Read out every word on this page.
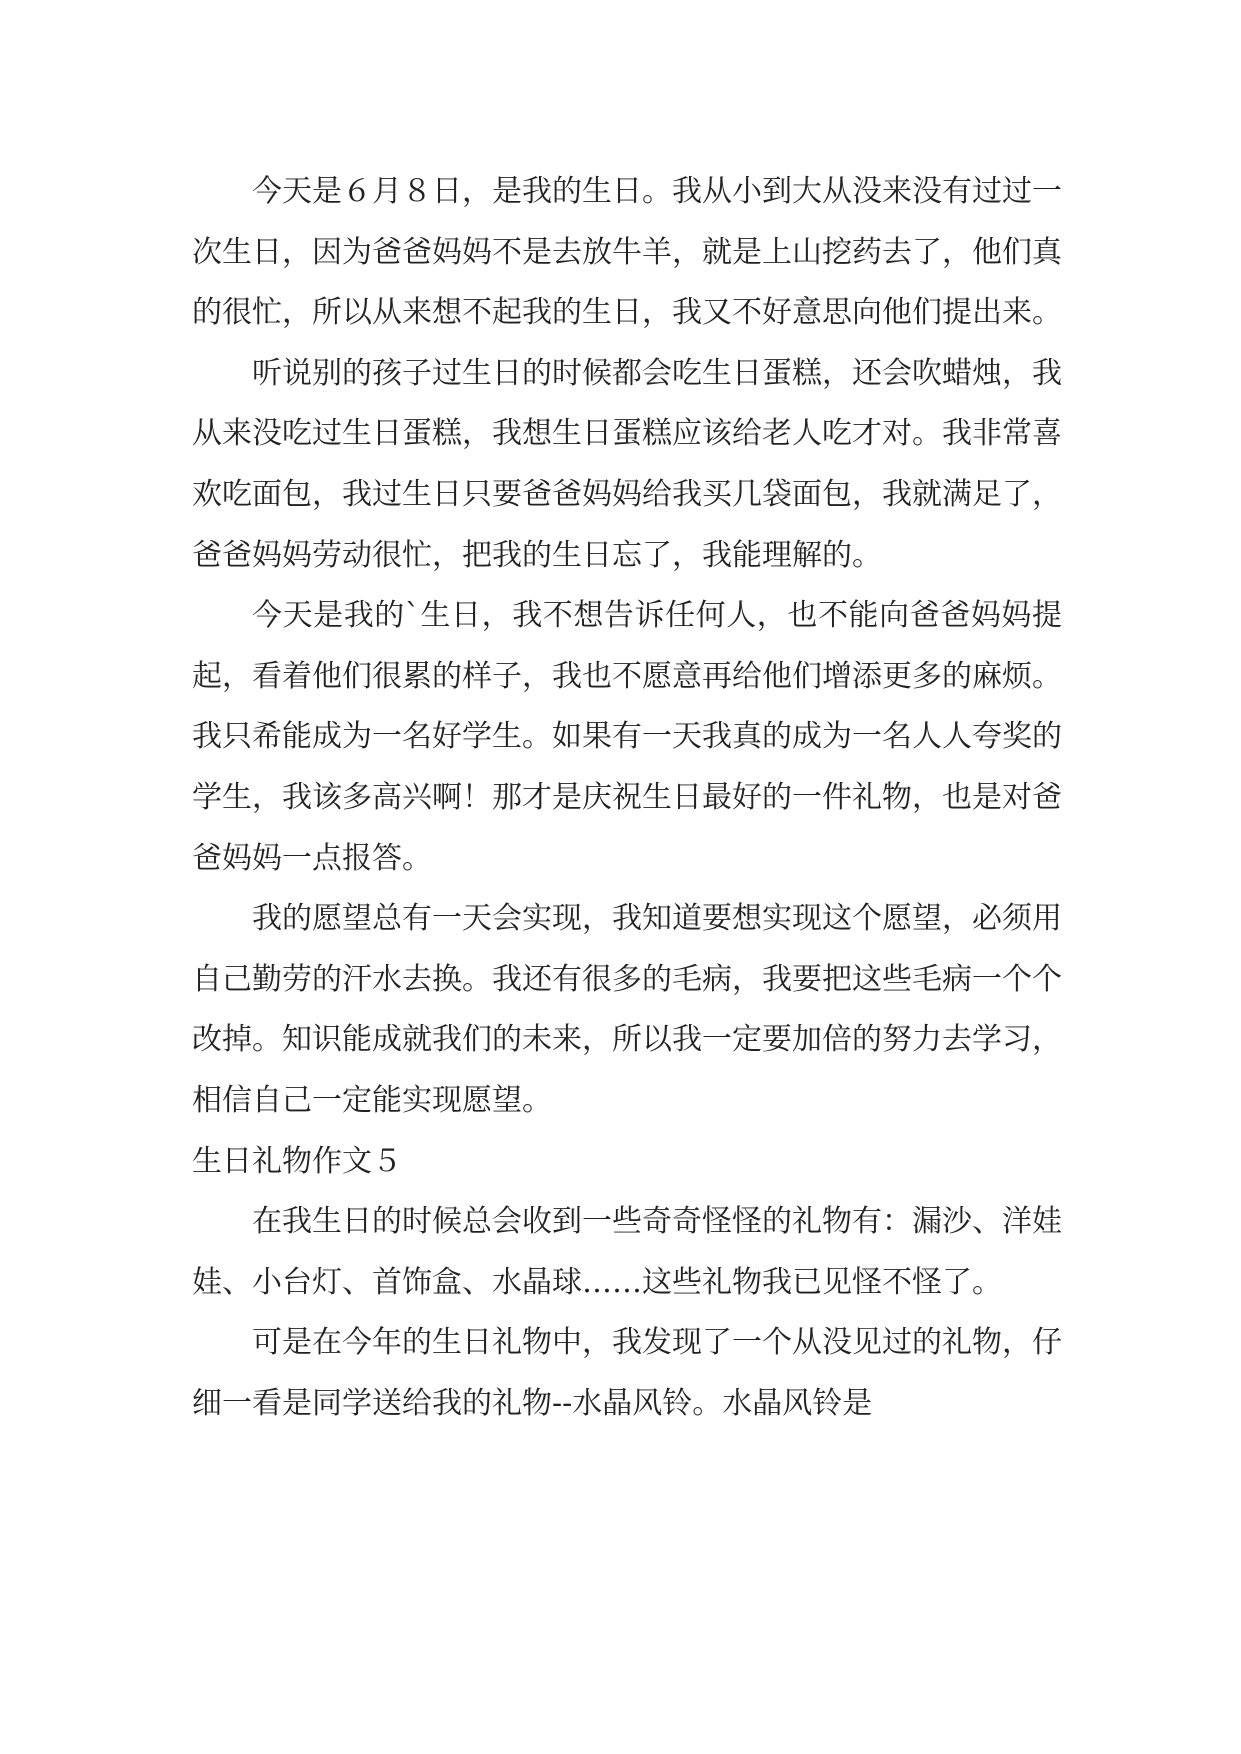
今天是６月８日，是我的生日。我从小到大从没来没有过过一次生日，因为爸爸妈妈不是去放牛羊，就是上山挖药去了，他们真的很忙，所以从来想不起我的生日，我又不好意思向他们提出来。

听说别的孩子过生日的时候都会吃生日蛋糕，还会吹蜡烛，我从来没吃过生日蛋糕，我想生日蛋糕应该给老人吃才对。我非常喜欢吃面包，我过生日只要爸爸妈妈给我买几袋面包，我就满足了，爸爸妈妈劳动很忙，把我的生日忘了，我能理解的。

今天是我的`生日，我不想告诉任何人，也不能向爸爸妈妈提起，看着他们很累的样子，我也不愿意再给他们增添更多的麻烦。我只希能成为一名好学生。如果有一天我真的成为一名人人夸奖的学生，我该多高兴啊！那才是庆祝生日最好的一件礼物，也是对爸爸妈妈一点报答。

我的愿望总有一天会实现，我知道要想实现这个愿望，必须用自己勤劳的汗水去换。我还有很多的毛病，我要把这些毛病一个个改掉。知识能成就我们的未来，所以我一定要加倍的努力去学习，相信自己一定能实现愿望。

生日礼物作文５

在我生日的时候总会收到一些奇奇怪怪的礼物有：漏沙、洋娃娃、小台灯、首饰盒、水晶球……这些礼物我已见怪不怪了。

可是在今年的生日礼物中，我发现了一个从没见过的礼物，仔细一看是同学送给我的礼物--水晶风铃。水晶风铃是
